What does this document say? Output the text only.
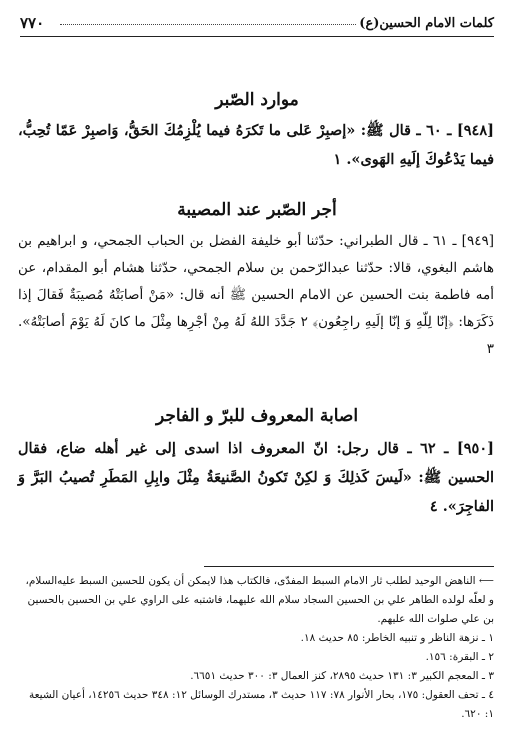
كلمات الامام الحسين(ع)
٧٧٠
موارد الصّبر

[٩٤٨] ـ ٦٠ ـ قال ﷺ: «إصبِرْ عَلى ما تَكرَهُ فيما يُلْزِمُكَ الحَقُّ، وَاصبِرْ عَمّا تُحِبُّ، فيما يَدْعُوكَ إلَيهِ الهَوى». ١

أجر الصّبر عند المصيبة

[٩٤٩] ـ ٦١ ـ قال الطبراني: حدّثنا أبو خليفة الفضل بن الحباب الجمحي، و ابراهيم بن هاشم البغوي، قالا: حدّثنا عبدالرّحمن بن سلام الجمحي، حدّثنا هشام أبو المقدام، عن أمه فاطمة بنت الحسين عن الامام الحسين ﷺ أنه قال: «مَنْ أصابَتْهُ مُصيبَةٌ فَقالَ إذا ذَكَرَها: ﴿إنّا لِلّهِ وَ إنّا إلَيهِ راجِعُون﴾ ٢ جَدَّدَ اللهُ لَهُ مِنْ أجْرِها مِثْلَ ما كانَ لَهُ يَوْمَ أصابَتْهُ». ٣

اصابة المعروف للبرّ و الفاجر

[٩٥٠] ـ ٦٢ ـ قال رجل: انّ المعروف اذا اسدى إلى غير أهله ضاع، فقال الحسين ﷺ: «لَيسَ كَذلِكَ وَ لكِنْ تَكونُ الصَّنيعَةُ مِثْلَ وابِلِ المَطَرِ تُصيبُ البَرَّ وَ الفاجِرَ». ٤

⟵ الناهض الوحيد لطلب ثار الامام السبط المفدّى، فالكتاب هذا لايمكن أن يكون للحسين السبط عليه‌السلام، و لعلّه لولده الطاهر علي بن الحسين السجاد سلام الله عليهما، فاشتبه على الراوي علي بن الحسين بالحسين بن علي صلوات الله عليهم.

١ ـ نزهة الناظر و تنبيه الخاطر: ٨٥ حديث ١٨.

٢ ـ البقرة: ١٥٦.

٣ ـ المعجم الكبير ٣: ١٣١ حديث ٢٨٩٥، كنز العمال ٣: ٣٠٠ حديث ٦٦٥١.

٤ ـ تحف العقول: ١٧٥، بحار الأنوار ٧٨: ١١٧ حديث ٣، مستدرك الوسائل ١٢: ٣٤٨ حديث ١٤٢٥٦، أعيان الشيعة ١: ٦٢٠.
